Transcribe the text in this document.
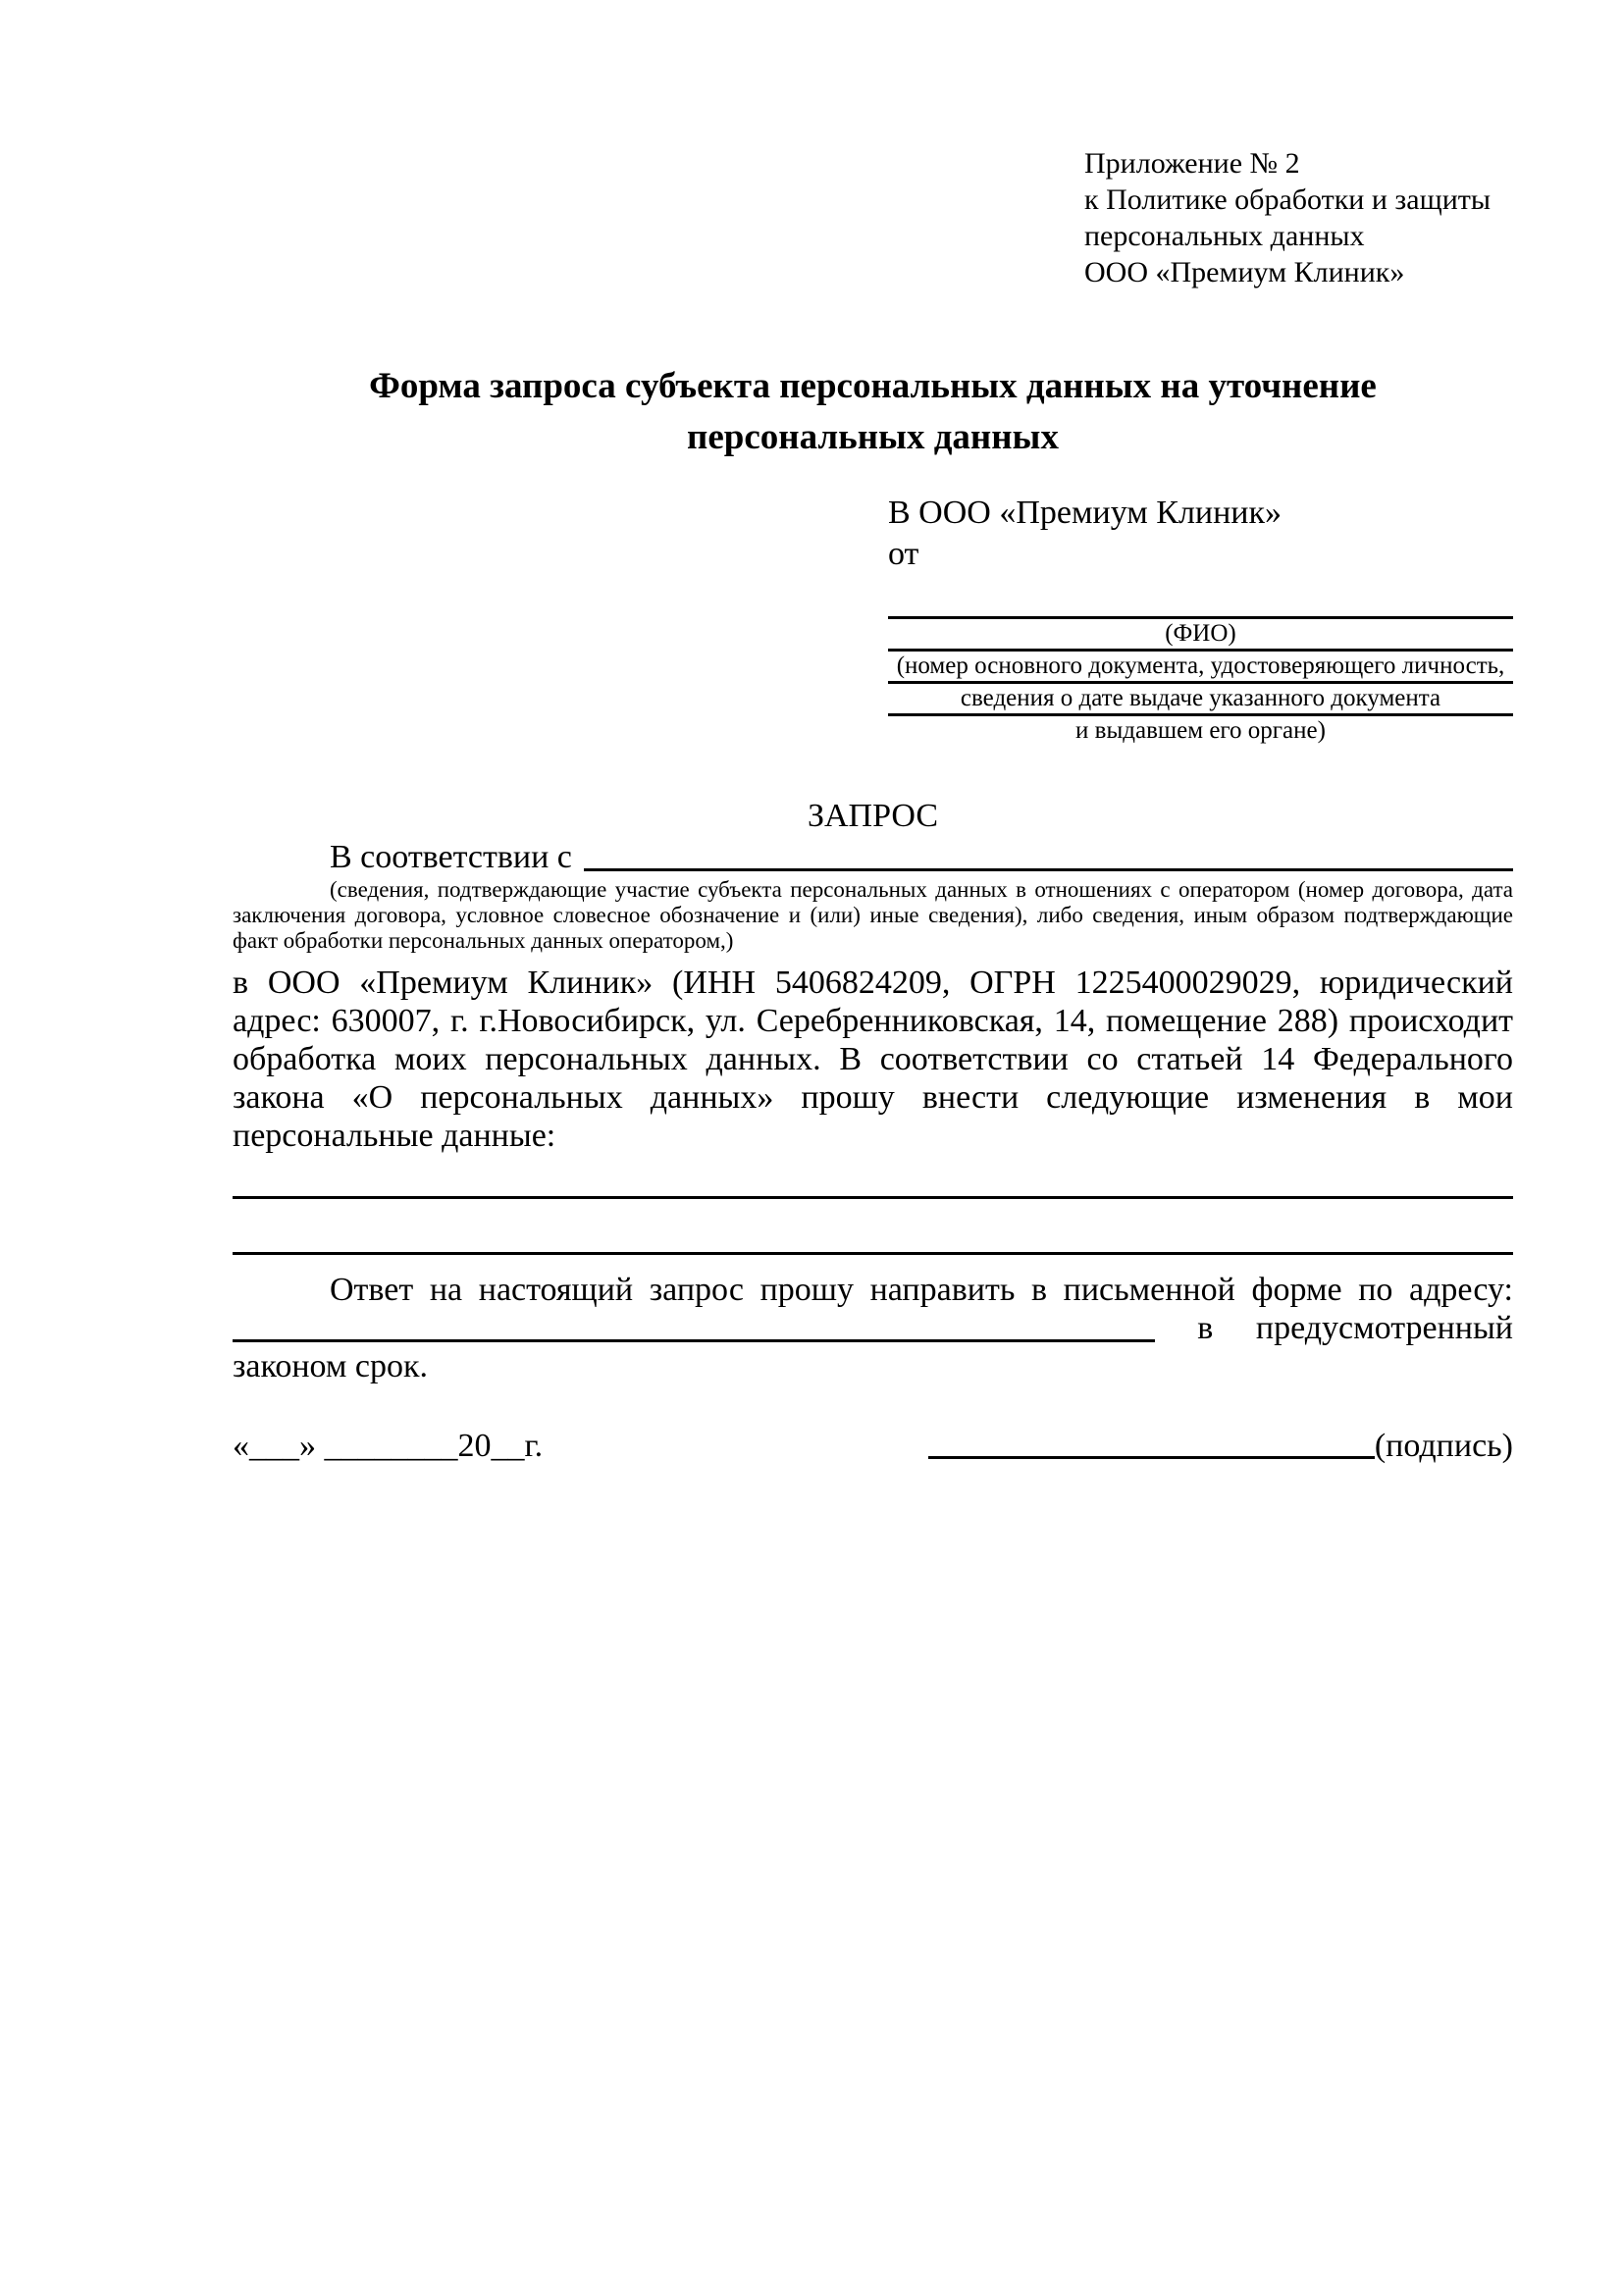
Приложение № 2
к Политике обработки и защиты
персональных данных
ООО «Премиум Клиник»
Форма запроса субъекта персональных данных на уточнение персональных данных
В ООО «Премиум Клиник»
от
(ФИО)
(номер основного документа, удостоверяющего личность,
сведения о дате выдаче указанного документа
и выдавшем его органе)
ЗАПРОС
В соответствии с
(сведения, подтверждающие участие субъекта персональных данных в отношениях с оператором (номер договора, дата заключения договора, условное словесное обозначение и (или) иные сведения), либо сведения, иным образом подтверждающие факт обработки персональных данных оператором,)
в ООО «Премиум Клиник» (ИНН 5406824209, ОГРН 1225400029029, юридический адрес: 630007, г. г.Новосибирск, ул. Серебренниковская, 14, помещение 288) происходит обработка моих персональных данных. В соответствии со статьей 14 Федерального закона «О персональных данных» прошу внести следующие изменения в мои персональные данные:
Ответ на настоящий запрос прошу направить в письменной форме по адресу:
в предусмотренный
законом срок.
«___» ________20__г.	(подпись)
